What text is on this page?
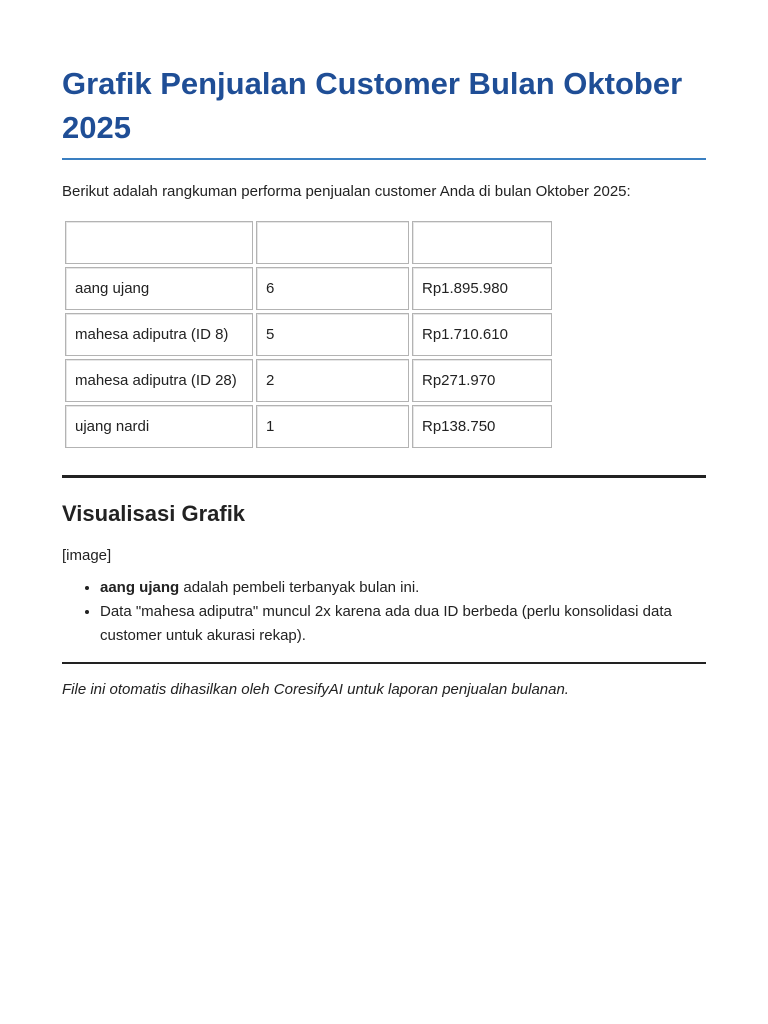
Grafik Penjualan Customer Bulan Oktober 2025

Berikut adalah rangkuman performa penjualan customer Anda di bulan Oktober 2025:

aang ujang	6	Rp1.895.980
mahesa adiputra (ID 8)	5	Rp1.710.610
mahesa adiputra (ID 28)	2	Rp271.970
ujang nardi	1	Rp138.750
Visualisasi Grafik

[image]

• aang ujang adalah pembeli terbanyak bulan ini.
• Data "mahesa adiputra" muncul 2x karena ada dua ID berbeda (perlu konsolidasi data customer untuk akurasi rekap).

File ini otomatis dihasilkan oleh CoresifyAI untuk laporan penjualan bulanan.
